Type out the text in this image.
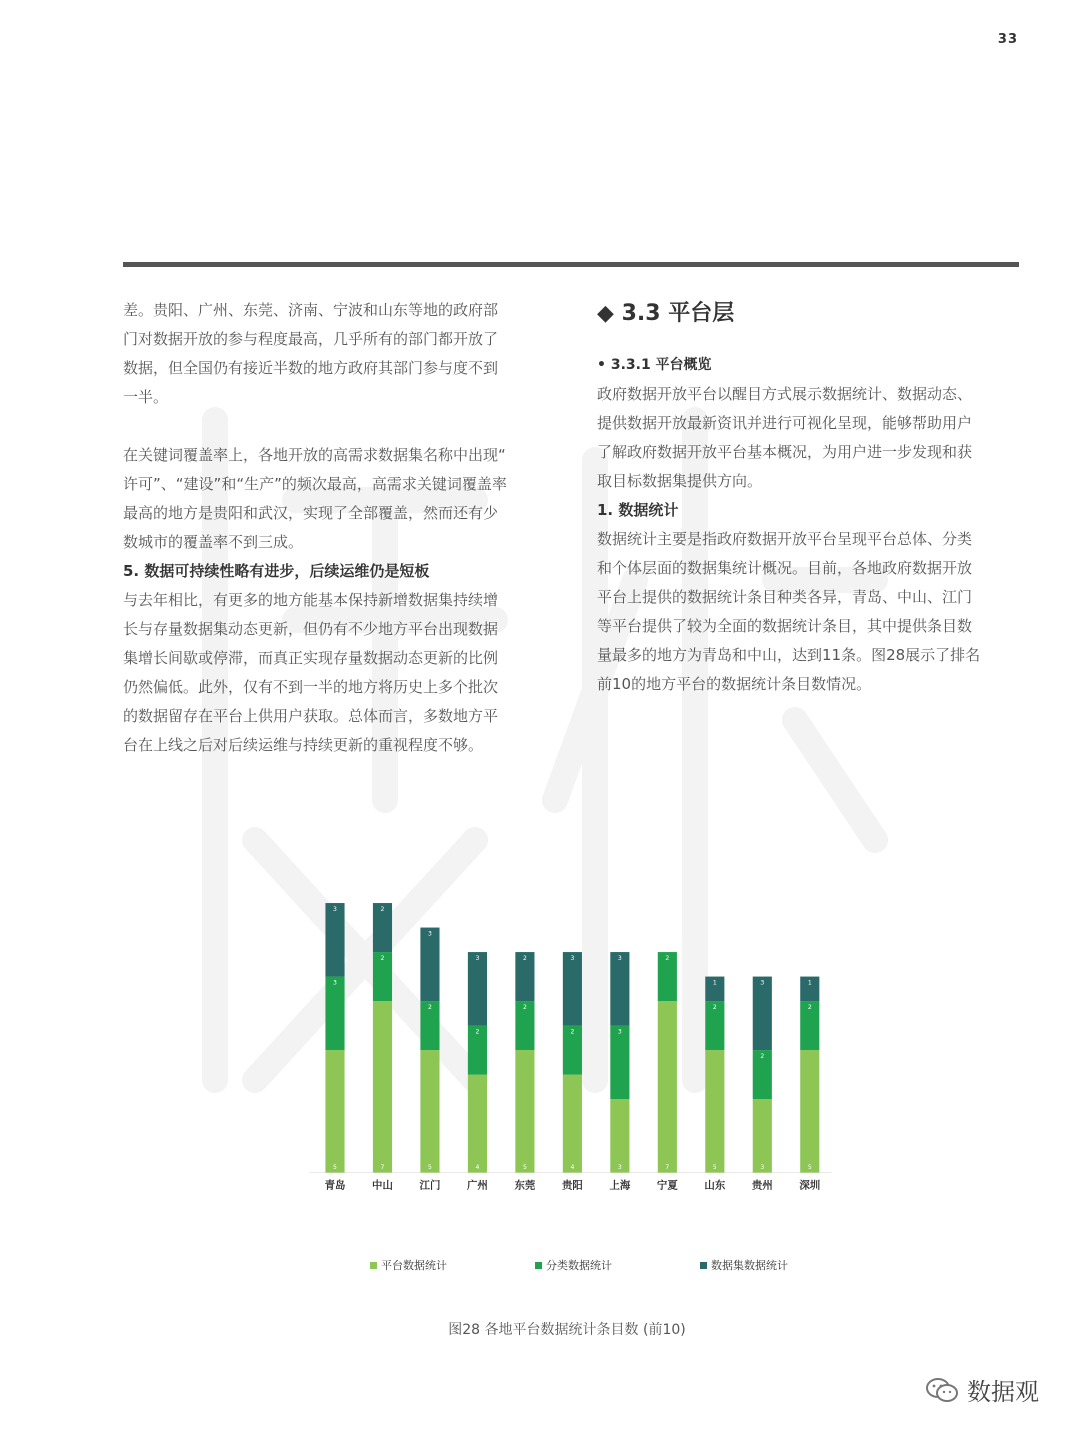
33

差。贵阳、广州、东莞、济南、宁波和山东等地的政府部
门对数据开放的参与程度最高，几乎所有的部门都开放了
数据，但全国仍有接近半数的地方政府其部门参与度不到
一半。

在关键词覆盖率上，各地开放的高需求数据集名称中出现“
许可”、“建设”和“生产”的频次最高，高需求关键词覆盖率
最高的地方是贵阳和武汉，实现了全部覆盖，然而还有少
数城市的覆盖率不到三成。

5. 数据可持续性略有进步，后续运维仍是短板

与去年相比，有更多的地方能基本保持新增数据集持续增
长与存量数据集动态更新，但仍有不少地方平台出现数据
集增长间歇或停滞，而真正实现存量数据动态更新的比例
仍然偏低。此外，仅有不到一半的地方将历史上多个批次
的数据留存在平台上供用户获取。总体而言，多数地方平
台在上线之后对后续运维与持续更新的重视程度不够。

◆ 3.3 平台层

• 3.3.1 平台概览

政府数据开放平台以醒目方式展示数据统计、数据动态、
提供数据开放最新资讯并进行可视化呈现，能够帮助用户
了解政府数据开放平台基本概况，为用户进一步发现和获
取目标数据集提供方向。

1. 数据统计

数据统计主要是指政府数据开放平台呈现平台总体、分类
和个体层面的数据集统计概况。目前，各地政府数据开放
平台上提供的数据统计条目种类各异，青岛、中山、江门
等平台提供了较为全面的数据统计条目，其中提供条目数
量最多的地方为青岛和中山，达到11条。图28展示了排名
前10的地方平台的数据统计条目数情况。

5
3
3
青岛
7
2
2
中山
5
2
3
江门
4
2
3
广州
5
2
2
东莞
4
2
3
贵阳
3
3
3
上海
7
2
宁夏
5
2
1
山东
3
2
3
贵州
5
2
1
深圳
平台数据统计	分类数据统计	数据集数据统计
图28 各地平台数据统计条目数 (前10)
数据观
